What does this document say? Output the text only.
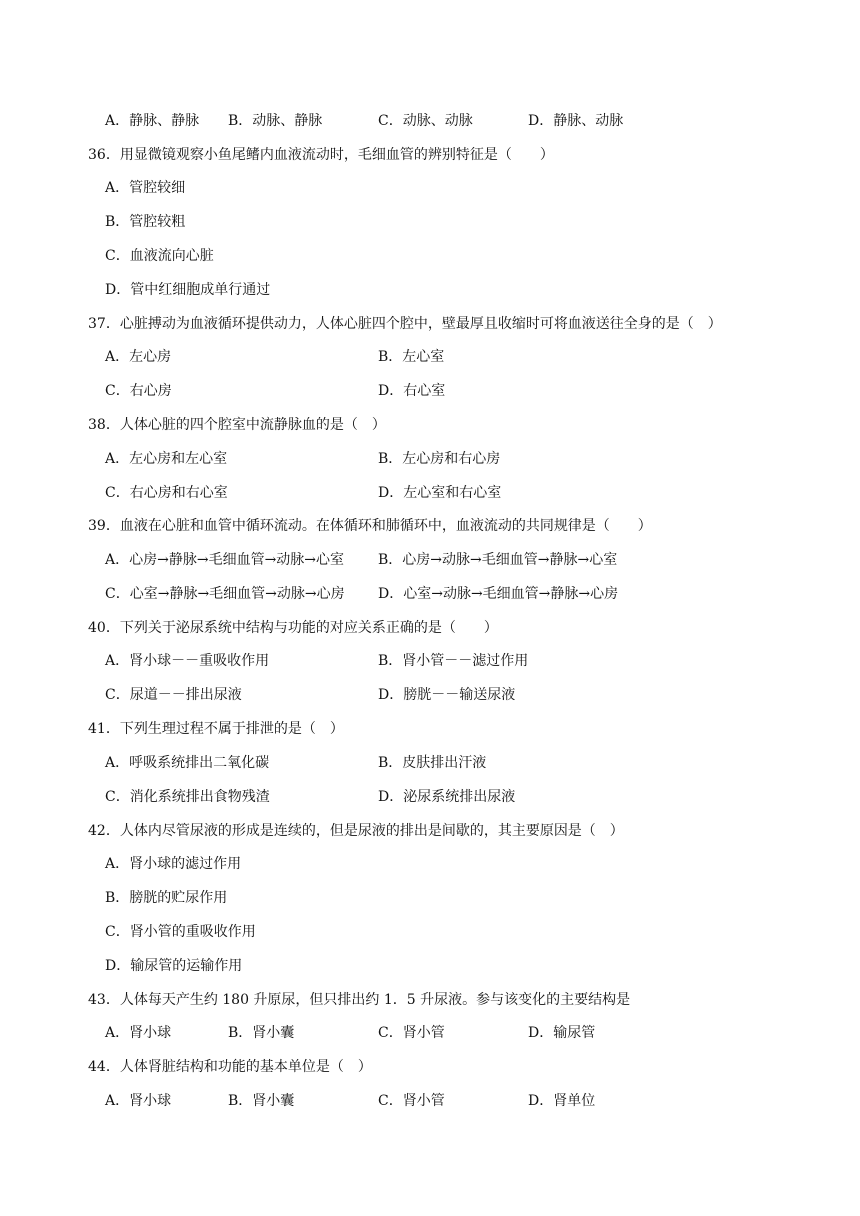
A．静脉、静脉 B．动脉、静脉	C．动脉、动脉	D．静脉、动脉
36．用显微镜观察小鱼尾鳍内血液流动时，毛细血管的辨别特征是（　　）
A．管腔较细
B．管腔较粗
C．血液流向心脏
D．管中红细胞成单行通过
37．心脏搏动为血液循环提供动力，人体心脏四个腔中，壁最厚且收缩时可将血液送往全身的是（　）
A．左心房	B．左心室
C．右心房	D．右心室
38．人体心脏的四个腔室中流静脉血的是（　）
A．左心房和左心室	B．左心房和右心房
C．右心房和右心室	D．左心室和右心室
39．血液在心脏和血管中循环流动。在体循环和肺循环中，血液流动的共同规律是（　　）
A．心房→静脉→毛细血管→动脉→心室 B．心房→动脉→毛细血管→静脉→心室
C．心室→静脉→毛细血管→动脉→心房 D．心室→动脉→毛细血管→静脉→心房
40．下列关于泌尿系统中结构与功能的对应关系正确的是（　　）
A．肾小球－－重吸收作用	B．肾小管－－滤过作用
C．尿道－－排出尿液	D．膀胱－－输送尿液
41．下列生理过程不属于排泄的是（　）
A．呼吸系统排出二氧化碳	B．皮肤排出汗液
C．消化系统排出食物残渣	D．泌尿系统排出尿液
42．人体内尽管尿液的形成是连续的，但是尿液的排出是间歇的，其主要原因是（　）
A．肾小球的滤过作用
B．膀胱的贮尿作用
C．肾小管的重吸收作用
D．输尿管的运输作用
43．人体每天产生约 180 升原尿，但只排出约 1．5 升尿液。参与该变化的主要结构是
A．肾小球	B．肾小囊	C．肾小管	D．输尿管
44．人体肾脏结构和功能的基本单位是（　）
A．肾小球	B．肾小囊	C．肾小管	D．肾单位
